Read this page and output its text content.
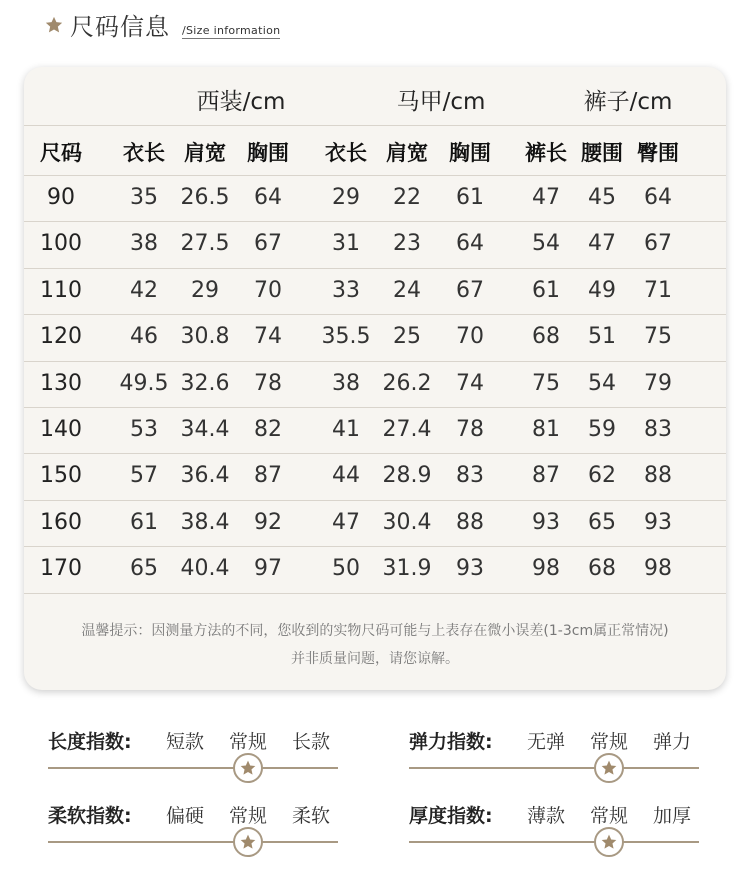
尺码信息 /Size information
西装/cm	马甲/cm	裤子/cm
尺码	衣长 肩宽	胸围	衣长 肩宽	胸围	裤长 腰围 臀围
90	35	26.5	64	29	22	61	47	45	64
100	38	27.5	67	31	23	64	54	47	67
110	42	29	70	33	24	67	61	49	71
120	46	30.8	74	35.5	25	70	68	51	75
130	49.5 32.6	78	38	26.2	74	75	54	79
140	53	34.4	82	41	27.4	78	81	59	83
150	57	36.4	87	44	28.9	83	87	62	88
160	61	38.4	92	47	30.4	88	93	65	93
170	65	40.4	97	50	31.9	93	98	68	98
温馨提示：因测量方法的不同，您收到的实物尺码可能与上表存在微小误差(1-3cm属正常情况)
并非质量问题，请您谅解。
长度指数: 短款 常规 长款	弹力指数: 无弹 常规 弹力
柔软指数: 偏硬 常规 柔软	厚度指数: 薄款 常规 加厚
